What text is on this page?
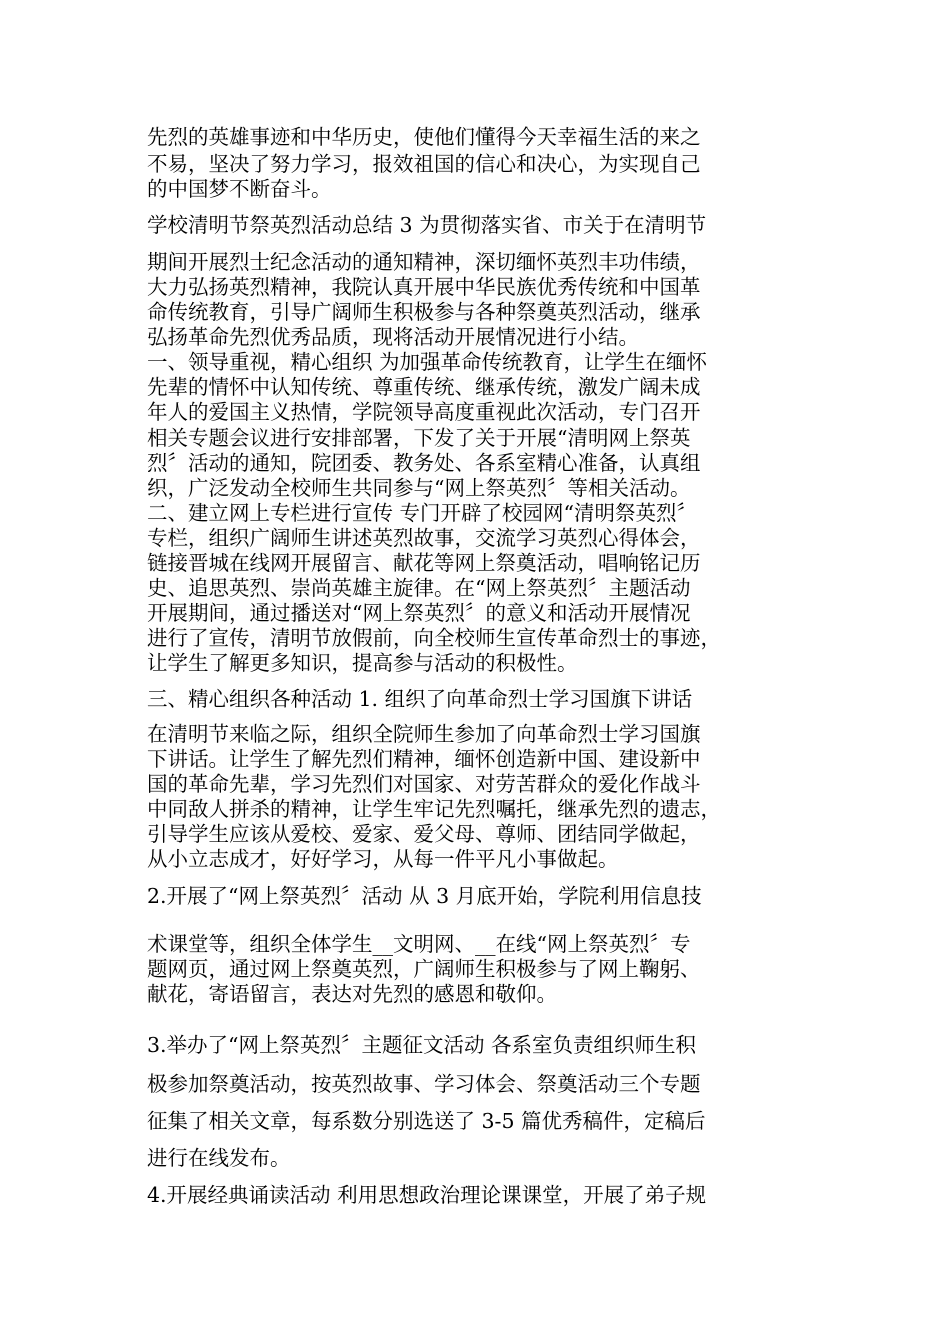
先烈的英雄事迹和中华历史，使他们懂得今天幸福生活的来之
不易，坚决了努力学习，报效祖国的信心和决心，为实现自己
的中国梦不断奋斗。
学校清明节祭英烈活动总结 3 为贯彻落实省、市关于在清明节
期间开展烈士纪念活动的通知精神，深切缅怀英烈丰功伟绩，
大力弘扬英烈精神，我院认真开展中华民族优秀传统和中国革
命传统教育，引导广阔师生积极参与各种祭奠英烈活动，继承
弘扬革命先烈优秀品质，现将活动开展情况进行小结。
一、领导重视，精心组织 为加强革命传统教育，让学生在缅怀
先辈的情怀中认知传统、尊重传统、继承传统，激发广阔未成
年人的爱国主义热情，学院领导高度重视此次活动，专门召开
相关专题会议进行安排部署，下发了关于开展“清明网上祭英
烈〞活动的通知，院团委、教务处、各系室精心准备，认真组
织，广泛发动全校师生共同参与“网上祭英烈〞等相关活动。
二、建立网上专栏进行宣传 专门开辟了校园网“清明祭英烈〞
专栏，组织广阔师生讲述英烈故事，交流学习英烈心得体会，
链接晋城在线网开展留言、献花等网上祭奠活动，唱响铭记历
史、追思英烈、崇尚英雄主旋律。在“网上祭英烈〞主题活动
开展期间，通过播送对“网上祭英烈〞的意义和活动开展情况
进行了宣传，清明节放假前，向全校师生宣传革命烈士的事迹，
让学生了解更多知识，提高参与活动的积极性。
三、精心组织各种活动 1. 组织了向革命烈士学习国旗下讲话
在清明节来临之际，组织全院师生参加了向革命烈士学习国旗
下讲话。让学生了解先烈们精神，缅怀创造新中国、建设新中
国的革命先辈，学习先烈们对国家、对劳苦群众的爱化作战斗
中同敌人拼杀的精神，让学生牢记先烈嘱托，继承先烈的遗志，
引导学生应该从爱校、爱家、爱父母、尊师、团结同学做起，
从小立志成才，好好学习，从每一件平凡小事做起。
2.开展了“网上祭英烈〞活动 从 3 月底开始，学院利用信息技
术课堂等，组织全体学生__文明网、__在线“网上祭英烈〞专
题网页，通过网上祭奠英烈，广阔师生积极参与了网上鞠躬、
献花，寄语留言，表达对先烈的感恩和敬仰。
3.举办了“网上祭英烈〞主题征文活动 各系室负责组织师生积
极参加祭奠活动，按英烈故事、学习体会、祭奠活动三个专题
征集了相关文章，每系数分别选送了 3-5 篇优秀稿件，定稿后
进行在线发布。
4.开展经典诵读活动 利用思想政治理论课课堂，开展了弟子规
